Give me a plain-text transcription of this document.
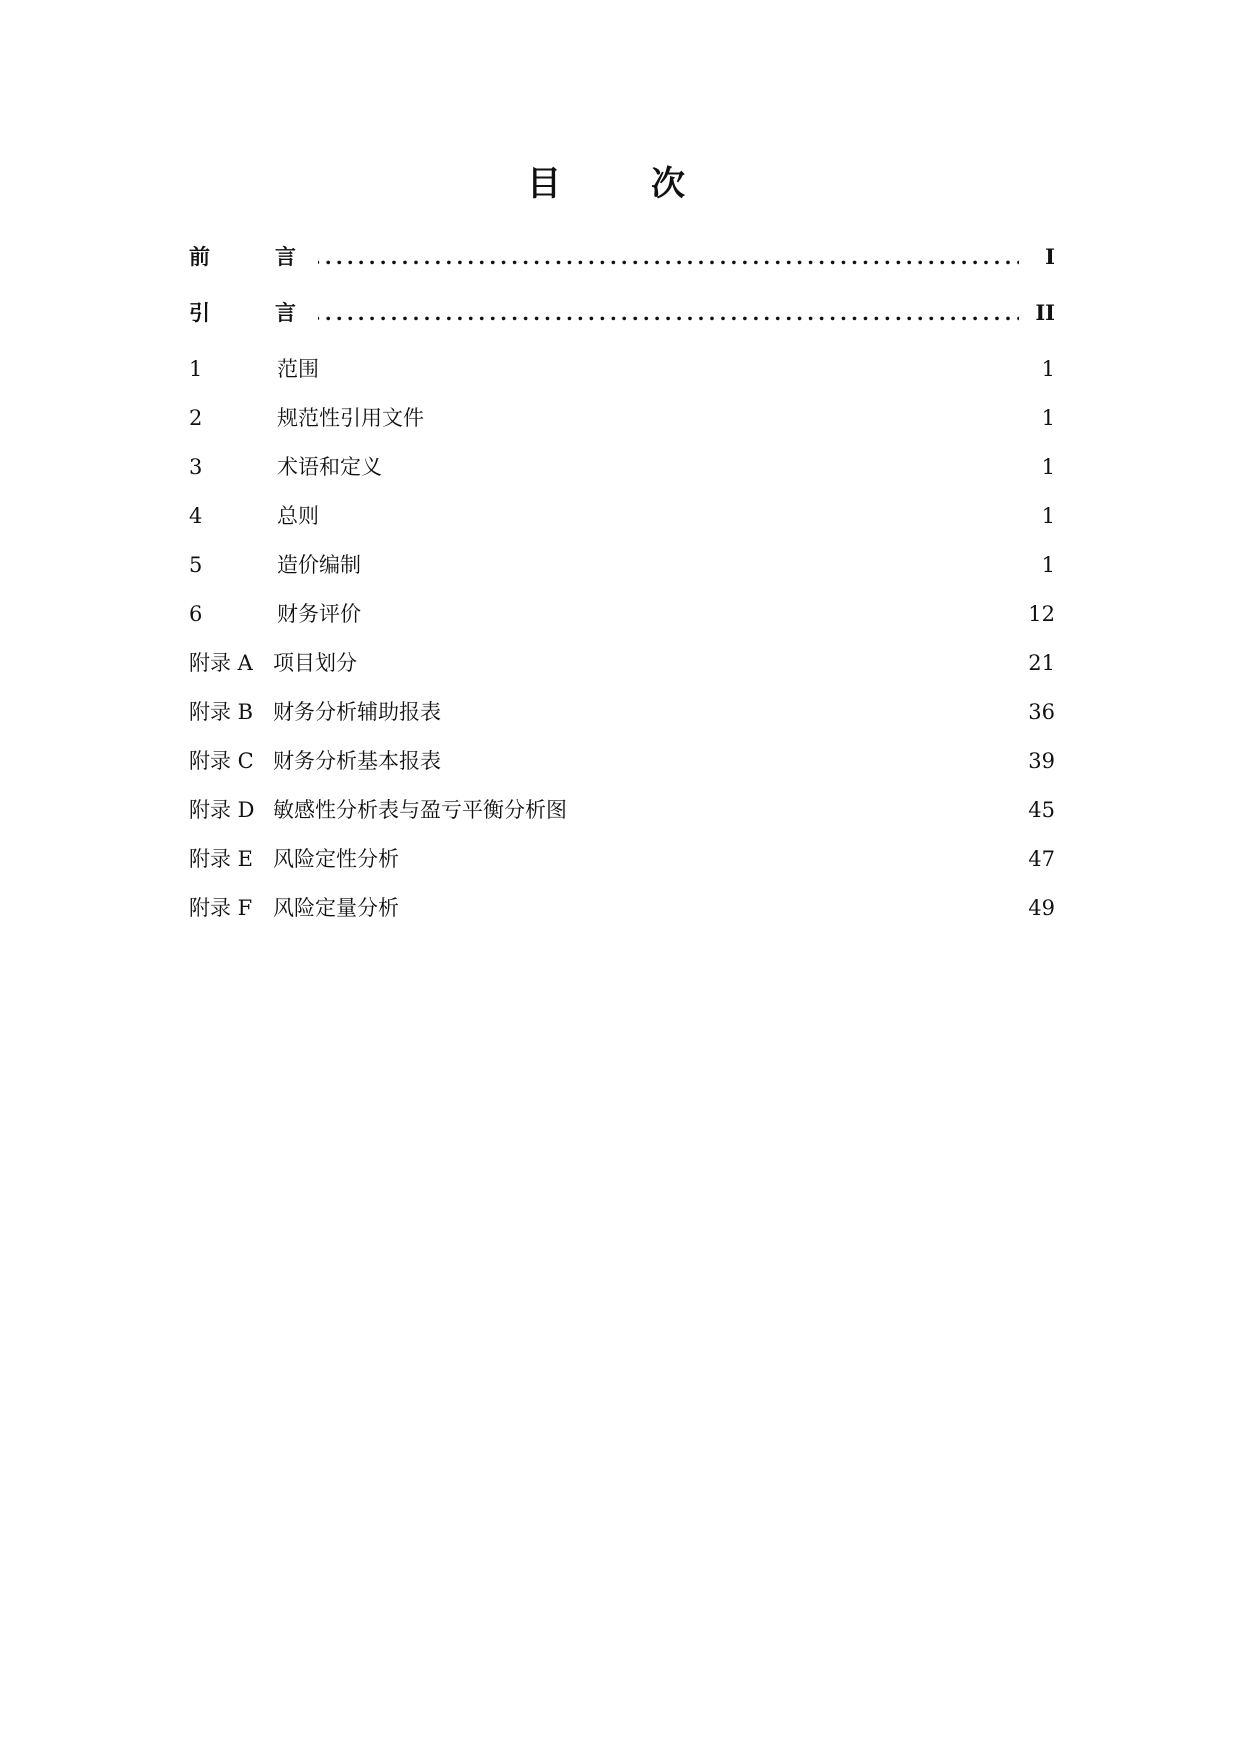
目　次
.....
前　言	I
.....
引　言	II
1	范围	1
2	规范性引用文件	1
3	术语和定义	1
4	总则	1
5	造价编制	1
6	财务评价	12
附录 A 项目划分	21
附录 B 财务分析辅助报表	36
附录 C 财务分析基本报表	39
附录 D 敏感性分析表与盈亏平衡分析图	45
附录 E 风险定性分析	47
附录 F 风险定量分析	49
